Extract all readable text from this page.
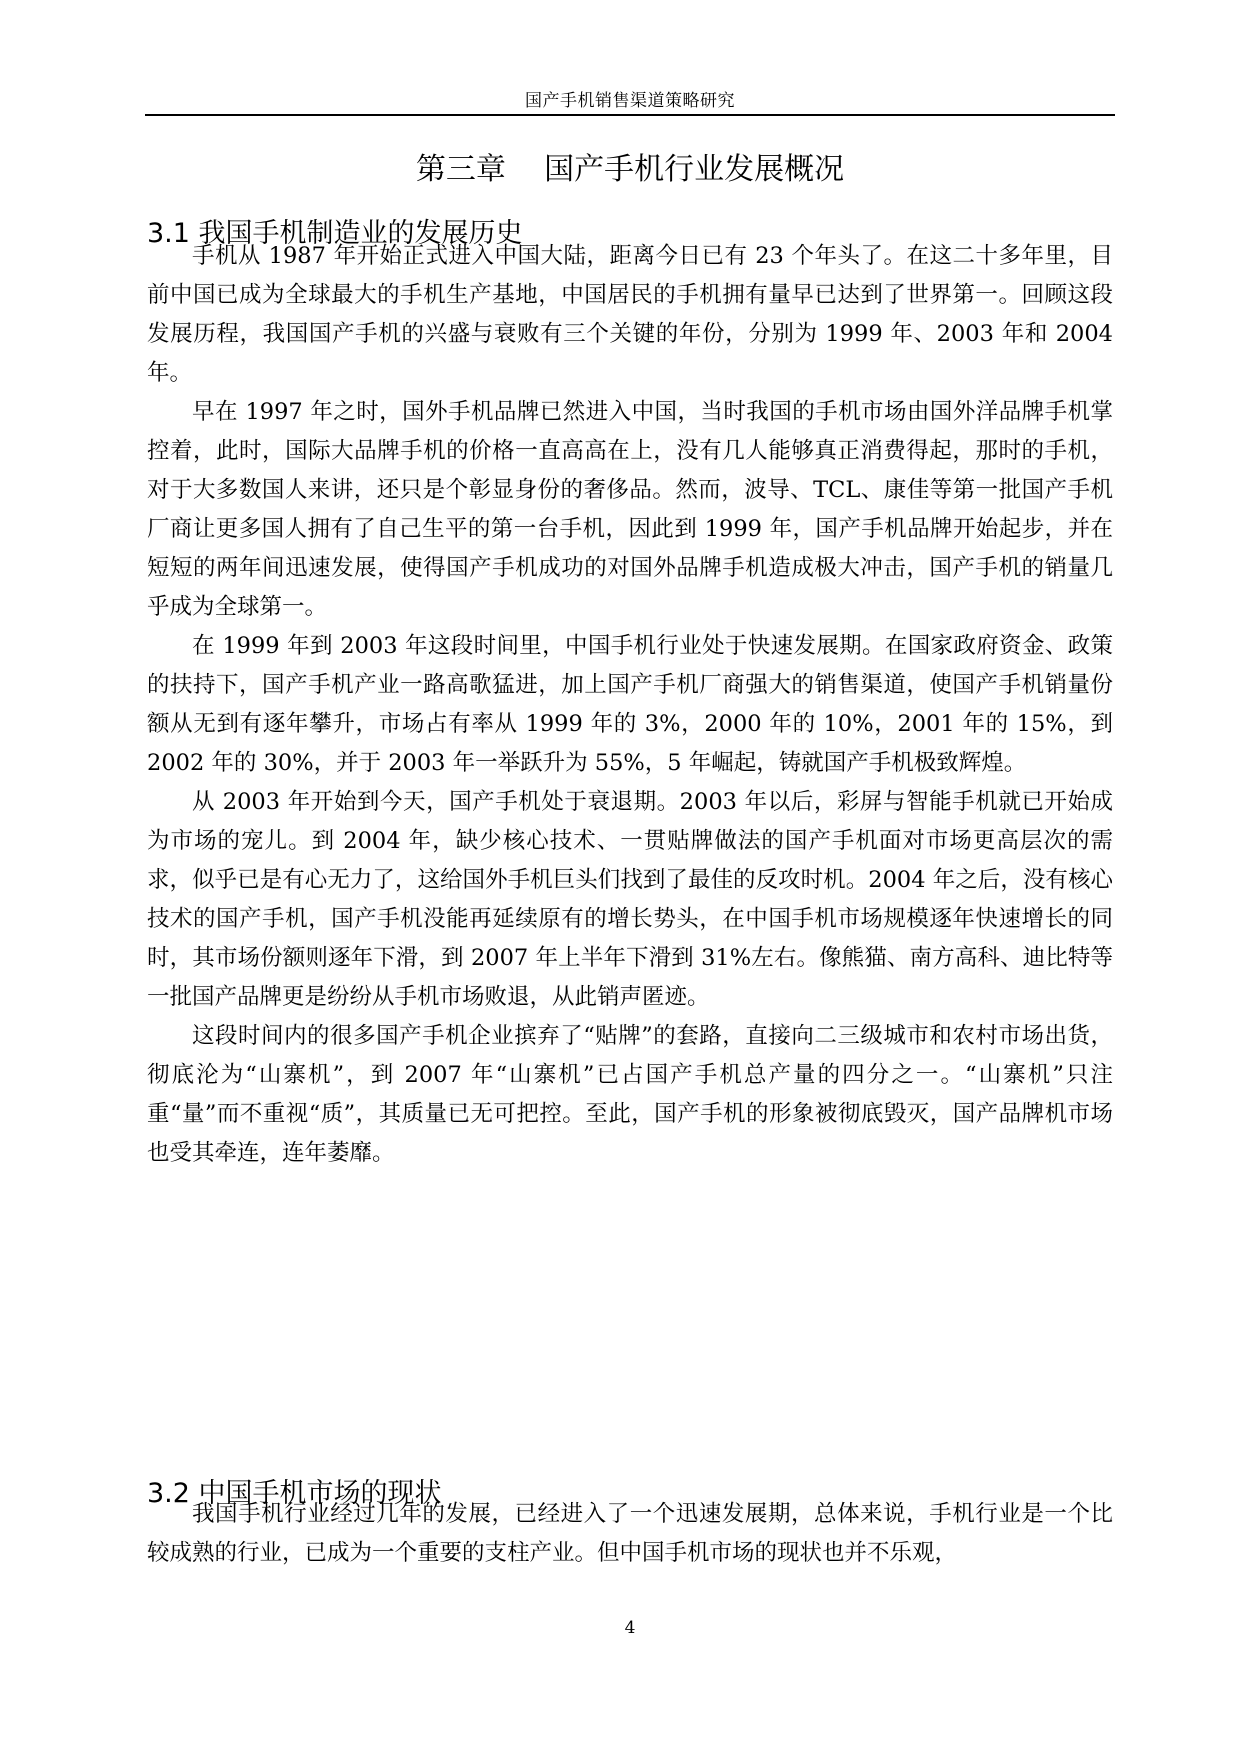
国产手机销售渠道策略研究
第三章    国产手机行业发展概况
3.1 我国手机制造业的发展历史

手机从 1987 年开始正式进入中国大陆，距离今日已有 23 个年头了。在这二十多年里，目前中国已成为全球最大的手机生产基地，中国居民的手机拥有量早已达到了世界第一。回顾这段发展历程，我国国产手机的兴盛与衰败有三个关键的年份，分别为 1999 年、2003 年和 2004 年。

早在 1997 年之时，国外手机品牌已然进入中国，当时我国的手机市场由国外洋品牌手机掌控着，此时，国际大品牌手机的价格一直高高在上，没有几人能够真正消费得起，那时的手机，对于大多数国人来讲，还只是个彰显身份的奢侈品。然而，波导、TCL、康佳等第一批国产手机厂商让更多国人拥有了自己生平的第一台手机，因此到 1999 年，国产手机品牌开始起步，并在短短的两年间迅速发展，使得国产手机成功的对国外品牌手机造成极大冲击，国产手机的销量几乎成为全球第一。

在 1999 年到 2003 年这段时间里，中国手机行业处于快速发展期。在国家政府资金、政策的扶持下，国产手机产业一路高歌猛进，加上国产手机厂商强大的销售渠道，使国产手机销量份额从无到有逐年攀升，市场占有率从 1999 年的 3%，2000 年的 10%，2001 年的 15%，到 2002 年的 30%，并于 2003 年一举跃升为 55%，5 年崛起，铸就国产手机极致辉煌。

从 2003 年开始到今天，国产手机处于衰退期。2003 年以后，彩屏与智能手机就已开始成为市场的宠儿。到 2004 年，缺少核心技术、一贯贴牌做法的国产手机面对市场更高层次的需求，似乎已是有心无力了，这给国外手机巨头们找到了最佳的反攻时机。2004 年之后，没有核心技术的国产手机，国产手机没能再延续原有的增长势头，在中国手机市场规模逐年快速增长的同时，其市场份额则逐年下滑，到 2007 年上半年下滑到 31%左右。像熊猫、南方高科、迪比特等一批国产品牌更是纷纷从手机市场败退，从此销声匿迹。

这段时间内的很多国产手机企业摈弃了“贴牌”的套路，直接向二三级城市和农村市场出货，彻底沦为“山寨机”，到 2007 年“山寨机”已占国产手机总产量的四分之一。“山寨机”只注重“量”而不重视“质”，其质量已无可把控。至此，国产手机的形象被彻底毁灭，国产品牌机市场也受其牵连，连年萎靡。

3.2 中国手机市场的现状

我国手机行业经过几年的发展，已经进入了一个迅速发展期，总体来说，手机行业是一个比较成熟的行业，已成为一个重要的支柱产业。但中国手机市场的现状也并不乐观，

4
